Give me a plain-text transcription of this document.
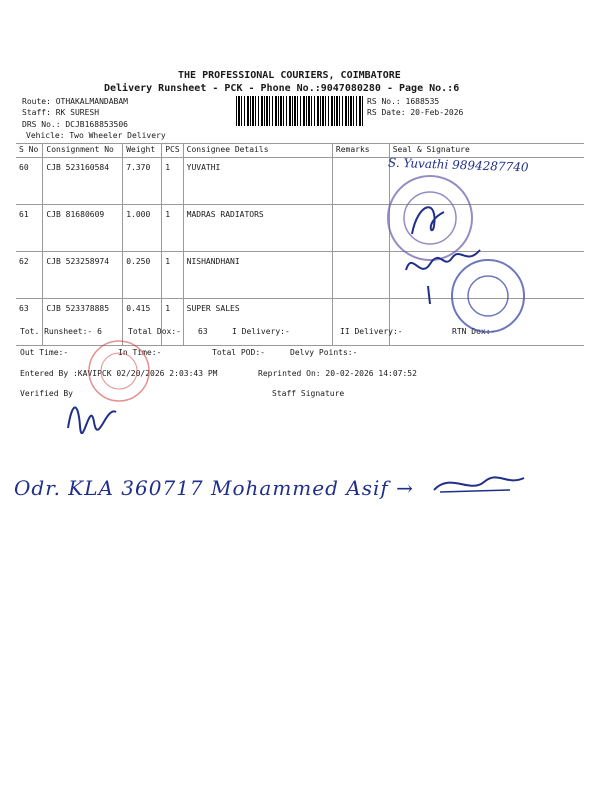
THE PROFESSIONAL COURIERS, COIMBATORE
Delivery Runsheet - PCK - Phone No.:9047080280 - Page No.:6
Route: OTHAKALMANDABAM
Staff: RK SURESH
DRS No.: DCJB168853506
Vehicle: Two Wheeler Delivery
RS No.: 1688535
RS Date: 20-Feb-2026
S No	Consignment No	Weight	PCS	Consignee Details	Remarks	Seal & Signature
60	CJB 523160584	7.370	1	YUVATHI		
61	CJB 81680609	1.000	1	MADRAS RADIATORS		
62	CJB 523258974	0.250	1	NISHANDHANI		
63	CJB 523378885	0.415	1	SUPER SALES		
Tot. Runsheet:- 6	Total Dox:- 63	I Delivery:-	II Delivery:-	RTN Dox:-
Out Time:-	In Time:-	Total POD:-	Delvy Points:-
Entered By :KAVIPCK 02/20/2026 2:03:43 PM	Reprinted On: 20-02-2026 14:07:52
Verified By	Staff Signature
S. Yuvathi 9894287740
Odr. KLA 360717 Mohammed Asif →
